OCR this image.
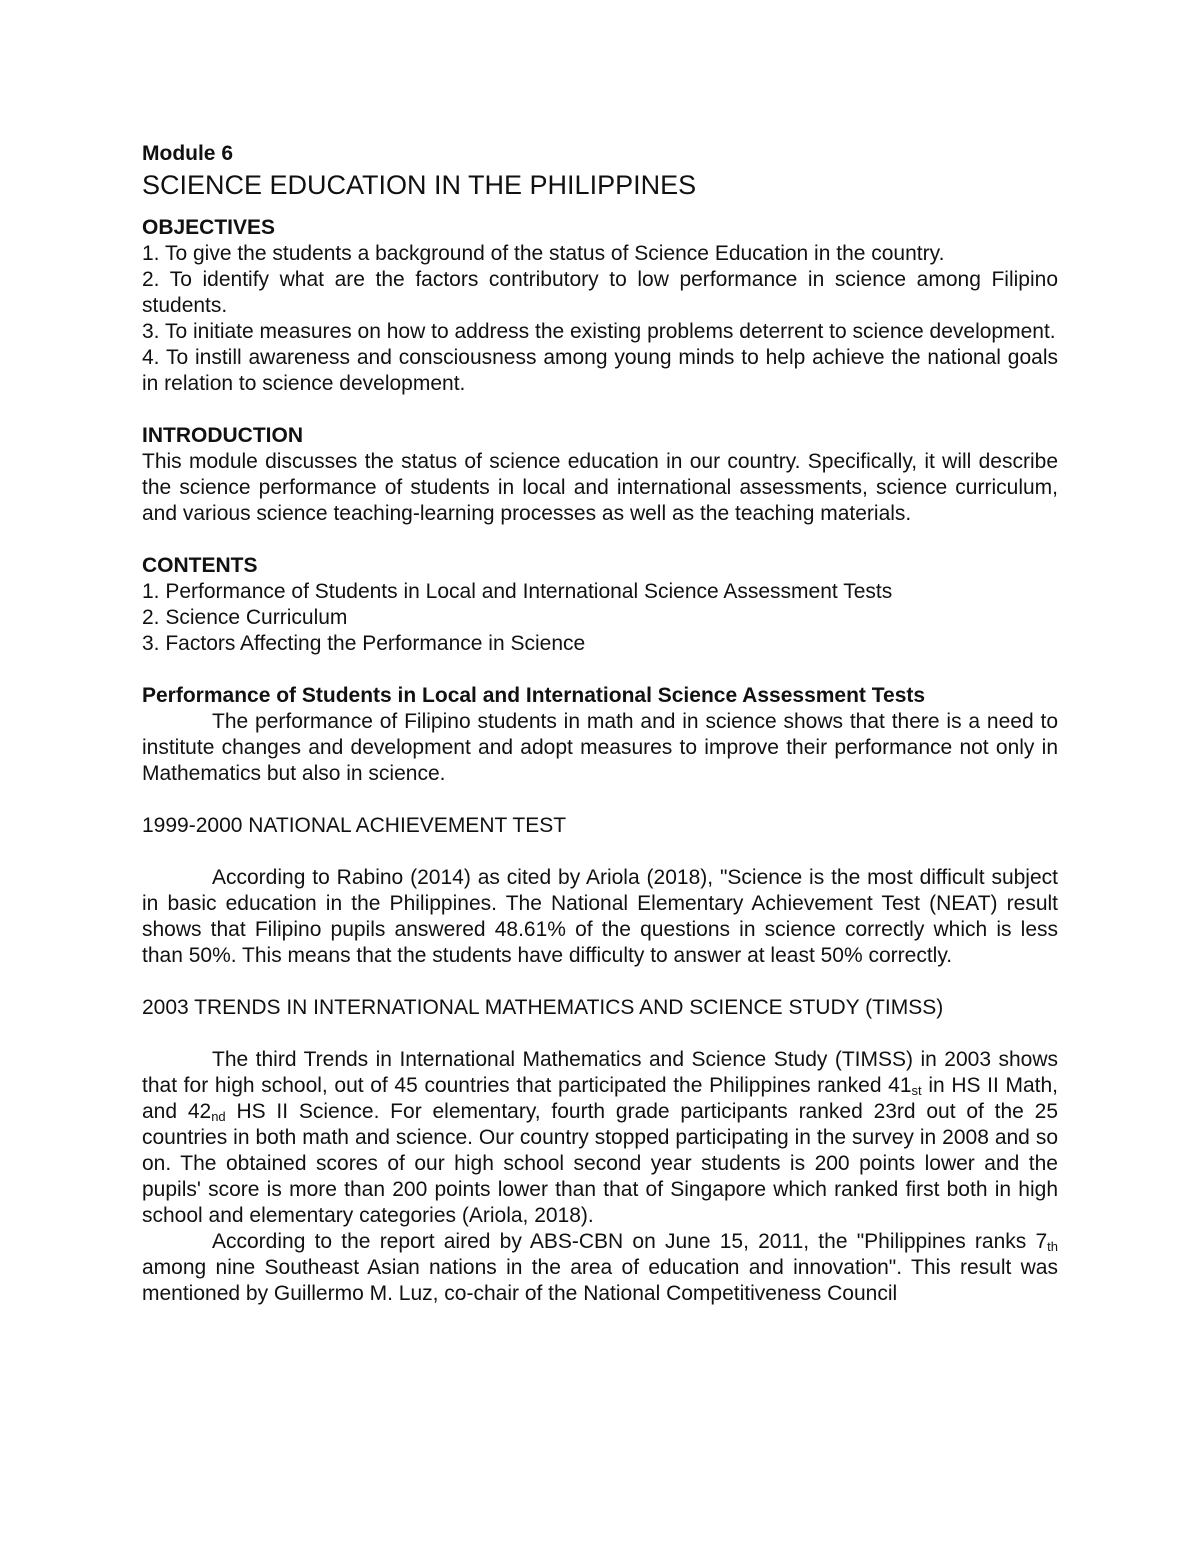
Module 6

SCIENCE EDUCATION IN THE PHILIPPINES
OBJECTIVES
1. To give the students a background of the status of Science Education in the country.
2. To identify what are the factors contributory to low performance in science among Filipino students.
3. To initiate measures on how to address the existing problems deterrent to science development.
4. To instill awareness and consciousness among young minds to help achieve the national goals in relation to science development.
INTRODUCTION

This module discusses the status of science education in our country. Specifically, it will describe the science performance of students in local and international assessments, science curriculum, and various science teaching-learning processes as well as the teaching materials.

CONTENTS
1. Performance of Students in Local and International Science Assessment Tests
2. Science Curriculum
3. Factors Affecting the Performance in Science
Performance of Students in Local and International Science Assessment Tests

The performance of Filipino students in math and in science shows that there is a need to institute changes and development and adopt measures to improve their performance not only in Mathematics but also in science.

1999-2000 NATIONAL ACHIEVEMENT TEST

According to Rabino (2014) as cited by Ariola (2018), "Science is the most difficult subject in basic education in the Philippines. The National Elementary Achievement Test (NEAT) result shows that Filipino pupils answered 48.61% of the questions in science correctly which is less than 50%. This means that the students have difficulty to answer at least 50% correctly.

2003 TRENDS IN INTERNATIONAL MATHEMATICS AND SCIENCE STUDY (TIMSS)

The third Trends in International Mathematics and Science Study (TIMSS) in 2003 shows that for high school, out of 45 countries that participated the Philippines ranked 41st in HS II Math, and 42nd HS II Science. For elementary, fourth grade participants ranked 23rd out of the 25 countries in both math and science. Our country stopped participating in the survey in 2008 and so on. The obtained scores of our high school second year students is 200 points lower and the pupils' score is more than 200 points lower than that of Singapore which ranked first both in high school and elementary categories (Ariola, 2018).

According to the report aired by ABS-CBN on June 15, 2011, the "Philippines ranks 7th among nine Southeast Asian nations in the area of education and innovation". This result was mentioned by Guillermo M. Luz, co-chair of the National Competitiveness Council
